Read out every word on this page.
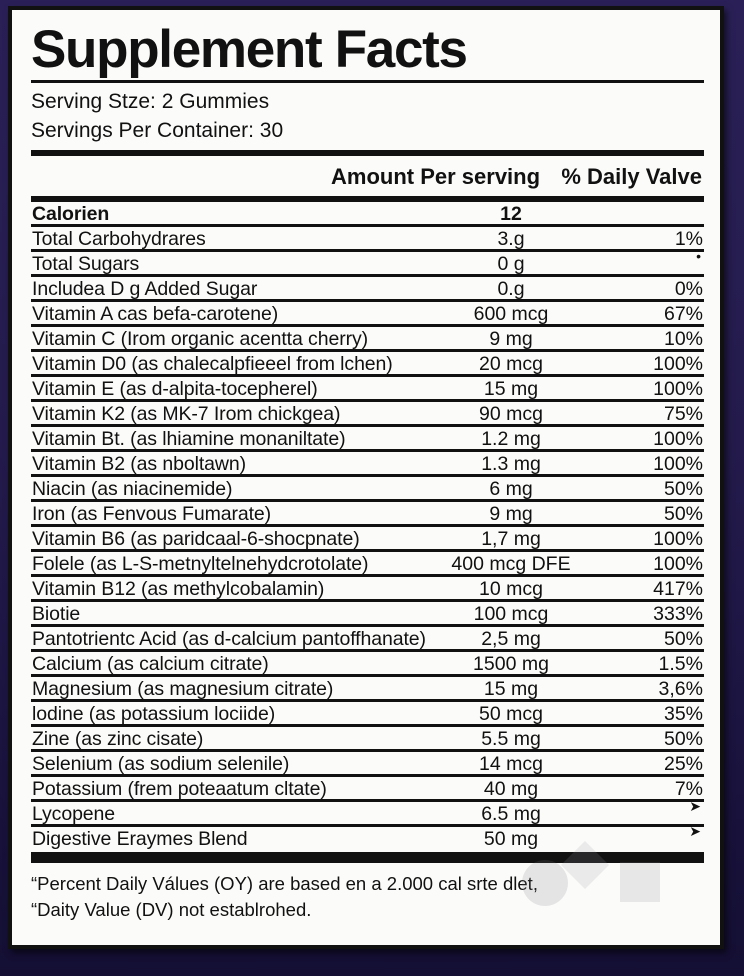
Supplement Facts
Serving Stze: 2 Gummies
Servings Per Container: 30
Amount Per serving % Daily Valve
Calorien	12
Total Carbohydrares	3.g	1%
Total Sugars	0 g	•
Includea D g Added Sugar	0.g	0%
Vitamin A cas befa-carotene)	600 mcg	67%
Vitamin C (Irom organic acentta cherry)	9 mg	10%
Vitamin D0 (as chalecalpfieeel from lchen)	20 mcg	100%
Vitamin E (as d-alpita-tocepherel)	15 mg	100%
Vitamin K2 (as MK-7 Irom chickgea)	90 mcg	75%
Vitamin Bt. (as lhiamine monaniltate)	1.2 mg	100%
Vitamin B2 (as nboltawn)	1.3 mg	100%
Niacin (as niacinemide)	6 mg	50%
Iron (as Fenvous Fumarate)	9 mg	50%
Vitamin B6 (as paridcaal-6-shocpnate)	1,7 mg	100%
Folele (as L-S-metnyltelnehydcrotolate)	400 mcg DFE	100%
Vitamin B12 (as methylcobalamin)	10 mcg	417%
Biotie	100 mcg	333%
Pantotrientc Acid (as d-calcium pantoffhanate)	2,5 mg	50%
Calcium (as calcium citrate)	1500 mg	1.5%
Magnesium (as magnesium citrate)	15 mg	3,6%
lodine (as potassium lociide)	50 mcg	35%
Zine (as zinc cisate)	5.5 mg	50%
Selenium (as sodium selenile)	14 mcg	25%
Potassium (frem poteaatum cltate)	40 mg	7%
Lycopene	6.5 mg	➤
Digestive Eraymes Blend	50 mg	➤
“Percent Daily Válues (OY) are based en a 2.000 cal srte dlet,
“Daity Value (DV) not establrohed.
